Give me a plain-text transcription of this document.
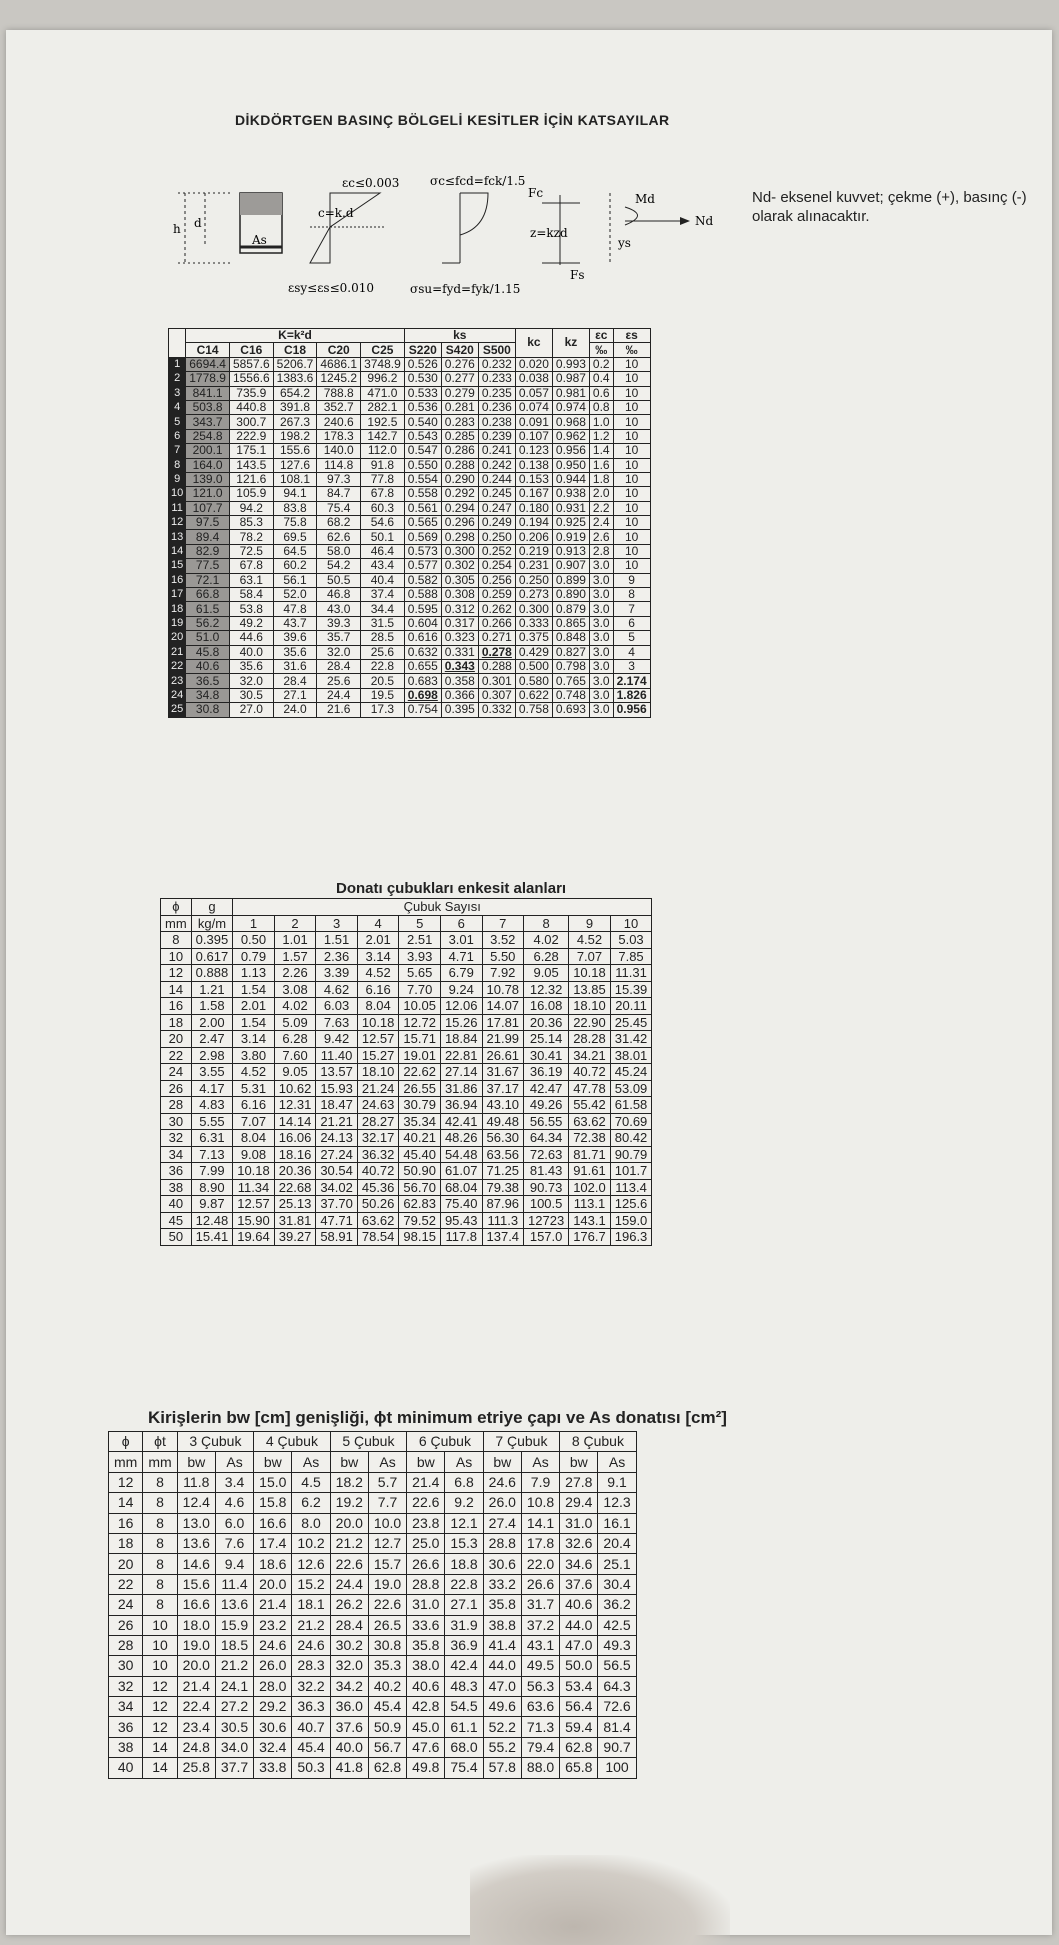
DİKDÖRTGEN BASINÇ BÖLGELİ KESİTLER İÇİN KATSAYILAR
Nd- eksenel kuvvet; çekme (+), basınç (-) olarak alınacaktır.
h d
As
εc≤0.003
c=k.d
εsy≤εs≤0.010
σc≤fcd=fck/1.5
σsu=fyd=fyk/1.15
Fc
z=kzd
Fs
Md
Nd
ys
	K=k²d					ks			kc	kz	εc	εs
	C14	C16	C18	C20	C25	S220	S420	S500			‰	‰
1	6694.4	5857.6	5206.7	4686.1	3748.9	0.526	0.276	0.232	0.020	0.993	0.2	10
2	1778.9	1556.6	1383.6	1245.2	996.2	0.530	0.277	0.233	0.038	0.987	0.4	10
3	841.1	735.9	654.2	788.8	471.0	0.533	0.279	0.235	0.057	0.981	0.6	10
4	503.8	440.8	391.8	352.7	282.1	0.536	0.281	0.236	0.074	0.974	0.8	10
5	343.7	300.7	267.3	240.6	192.5	0.540	0.283	0.238	0.091	0.968	1.0	10
6	254.8	222.9	198.2	178.3	142.7	0.543	0.285	0.239	0.107	0.962	1.2	10
7	200.1	175.1	155.6	140.0	112.0	0.547	0.286	0.241	0.123	0.956	1.4	10
8	164.0	143.5	127.6	114.8	91.8	0.550	0.288	0.242	0.138	0.950	1.6	10
9	139.0	121.6	108.1	97.3	77.8	0.554	0.290	0.244	0.153	0.944	1.8	10
10	121.0	105.9	94.1	84.7	67.8	0.558	0.292	0.245	0.167	0.938	2.0	10
11	107.7	94.2	83.8	75.4	60.3	0.561	0.294	0.247	0.180	0.931	2.2	10
12	97.5	85.3	75.8	68.2	54.6	0.565	0.296	0.249	0.194	0.925	2.4	10
13	89.4	78.2	69.5	62.6	50.1	0.569	0.298	0.250	0.206	0.919	2.6	10
14	82.9	72.5	64.5	58.0	46.4	0.573	0.300	0.252	0.219	0.913	2.8	10
15	77.5	67.8	60.2	54.2	43.4	0.577	0.302	0.254	0.231	0.907	3.0	10
16	72.1	63.1	56.1	50.5	40.4	0.582	0.305	0.256	0.250	0.899	3.0	9
17	66.8	58.4	52.0	46.8	37.4	0.588	0.308	0.259	0.273	0.890	3.0	8
18	61.5	53.8	47.8	43.0	34.4	0.595	0.312	0.262	0.300	0.879	3.0	7
19	56.2	49.2	43.7	39.3	31.5	0.604	0.317	0.266	0.333	0.865	3.0	6
20	51.0	44.6	39.6	35.7	28.5	0.616	0.323	0.271	0.375	0.848	3.0	5
21	45.8	40.0	35.6	32.0	25.6	0.632	0.331	0.278	0.429	0.827	3.0	4
22	40.6	35.6	31.6	28.4	22.8	0.655	0.343	0.288	0.500	0.798	3.0	3
23	36.5	32.0	28.4	25.6	20.5	0.683	0.358	0.301	0.580	0.765	3.0	2.174
24	34.8	30.5	27.1	24.4	19.5	0.698	0.366	0.307	0.622	0.748	3.0	1.826
25	30.8	27.0	24.0	21.6	17.3	0.754	0.395	0.332	0.758	0.693	3.0	0.956
Donatı çubukları enkesit alanları
ϕ	g	Çubuk Sayısı									
mm	kg/m	1	2	3	4	5	6	7	8	9	10
8	0.395	0.50	1.01	1.51	2.01	2.51	3.01	3.52	4.02	4.52	5.03
10	0.617	0.79	1.57	2.36	3.14	3.93	4.71	5.50	6.28	7.07	7.85
12	0.888	1.13	2.26	3.39	4.52	5.65	6.79	7.92	9.05	10.18	11.31
14	1.21	1.54	3.08	4.62	6.16	7.70	9.24	10.78	12.32	13.85	15.39
16	1.58	2.01	4.02	6.03	8.04	10.05	12.06	14.07	16.08	18.10	20.11
18	2.00	1.54	5.09	7.63	10.18	12.72	15.26	17.81	20.36	22.90	25.45
20	2.47	3.14	6.28	9.42	12.57	15.71	18.84	21.99	25.14	28.28	31.42
22	2.98	3.80	7.60	11.40	15.27	19.01	22.81	26.61	30.41	34.21	38.01
24	3.55	4.52	9.05	13.57	18.10	22.62	27.14	31.67	36.19	40.72	45.24
26	4.17	5.31	10.62	15.93	21.24	26.55	31.86	37.17	42.47	47.78	53.09
28	4.83	6.16	12.31	18.47	24.63	30.79	36.94	43.10	49.26	55.42	61.58
30	5.55	7.07	14.14	21.21	28.27	35.34	42.41	49.48	56.55	63.62	70.69
32	6.31	8.04	16.06	24.13	32.17	40.21	48.26	56.30	64.34	72.38	80.42
34	7.13	9.08	18.16	27.24	36.32	45.40	54.48	63.56	72.63	81.71	90.79
36	7.99	10.18	20.36	30.54	40.72	50.90	61.07	71.25	81.43	91.61	101.7
38	8.90	11.34	22.68	34.02	45.36	56.70	68.04	79.38	90.73	102.0	113.4
40	9.87	12.57	25.13	37.70	50.26	62.83	75.40	87.96	100.5	113.1	125.6
45	12.48	15.90	31.81	47.71	63.62	79.52	95.43	111.3	12723	143.1	159.0
50	15.41	19.64	39.27	58.91	78.54	98.15	117.8	137.4	157.0	176.7	196.3
Kirişlerin bw [cm] genişliği, ϕt minimum etriye çapı ve As donatısı [cm²]
ϕ	ϕt	3 Çubuk		4 Çubuk		5 Çubuk		6 Çubuk		7 Çubuk		8 Çubuk	
mm	mm	bw	As	bw	As	bw	As	bw	As	bw	As	bw	As
12	8	11.8	3.4	15.0	4.5	18.2	5.7	21.4	6.8	24.6	7.9	27.8	9.1
14	8	12.4	4.6	15.8	6.2	19.2	7.7	22.6	9.2	26.0	10.8	29.4	12.3
16	8	13.0	6.0	16.6	8.0	20.0	10.0	23.8	12.1	27.4	14.1	31.0	16.1
18	8	13.6	7.6	17.4	10.2	21.2	12.7	25.0	15.3	28.8	17.8	32.6	20.4
20	8	14.6	9.4	18.6	12.6	22.6	15.7	26.6	18.8	30.6	22.0	34.6	25.1
22	8	15.6	11.4	20.0	15.2	24.4	19.0	28.8	22.8	33.2	26.6	37.6	30.4
24	8	16.6	13.6	21.4	18.1	26.2	22.6	31.0	27.1	35.8	31.7	40.6	36.2
26	10	18.0	15.9	23.2	21.2	28.4	26.5	33.6	31.9	38.8	37.2	44.0	42.5
28	10	19.0	18.5	24.6	24.6	30.2	30.8	35.8	36.9	41.4	43.1	47.0	49.3
30	10	20.0	21.2	26.0	28.3	32.0	35.3	38.0	42.4	44.0	49.5	50.0	56.5
32	12	21.4	24.1	28.0	32.2	34.2	40.2	40.6	48.3	47.0	56.3	53.4	64.3
34	12	22.4	27.2	29.2	36.3	36.0	45.4	42.8	54.5	49.6	63.6	56.4	72.6
36	12	23.4	30.5	30.6	40.7	37.6	50.9	45.0	61.1	52.2	71.3	59.4	81.4
38	14	24.8	34.0	32.4	45.4	40.0	56.7	47.6	68.0	55.2	79.4	62.8	90.7
40	14	25.8	37.7	33.8	50.3	41.8	62.8	49.8	75.4	57.8	88.0	65.8	100
